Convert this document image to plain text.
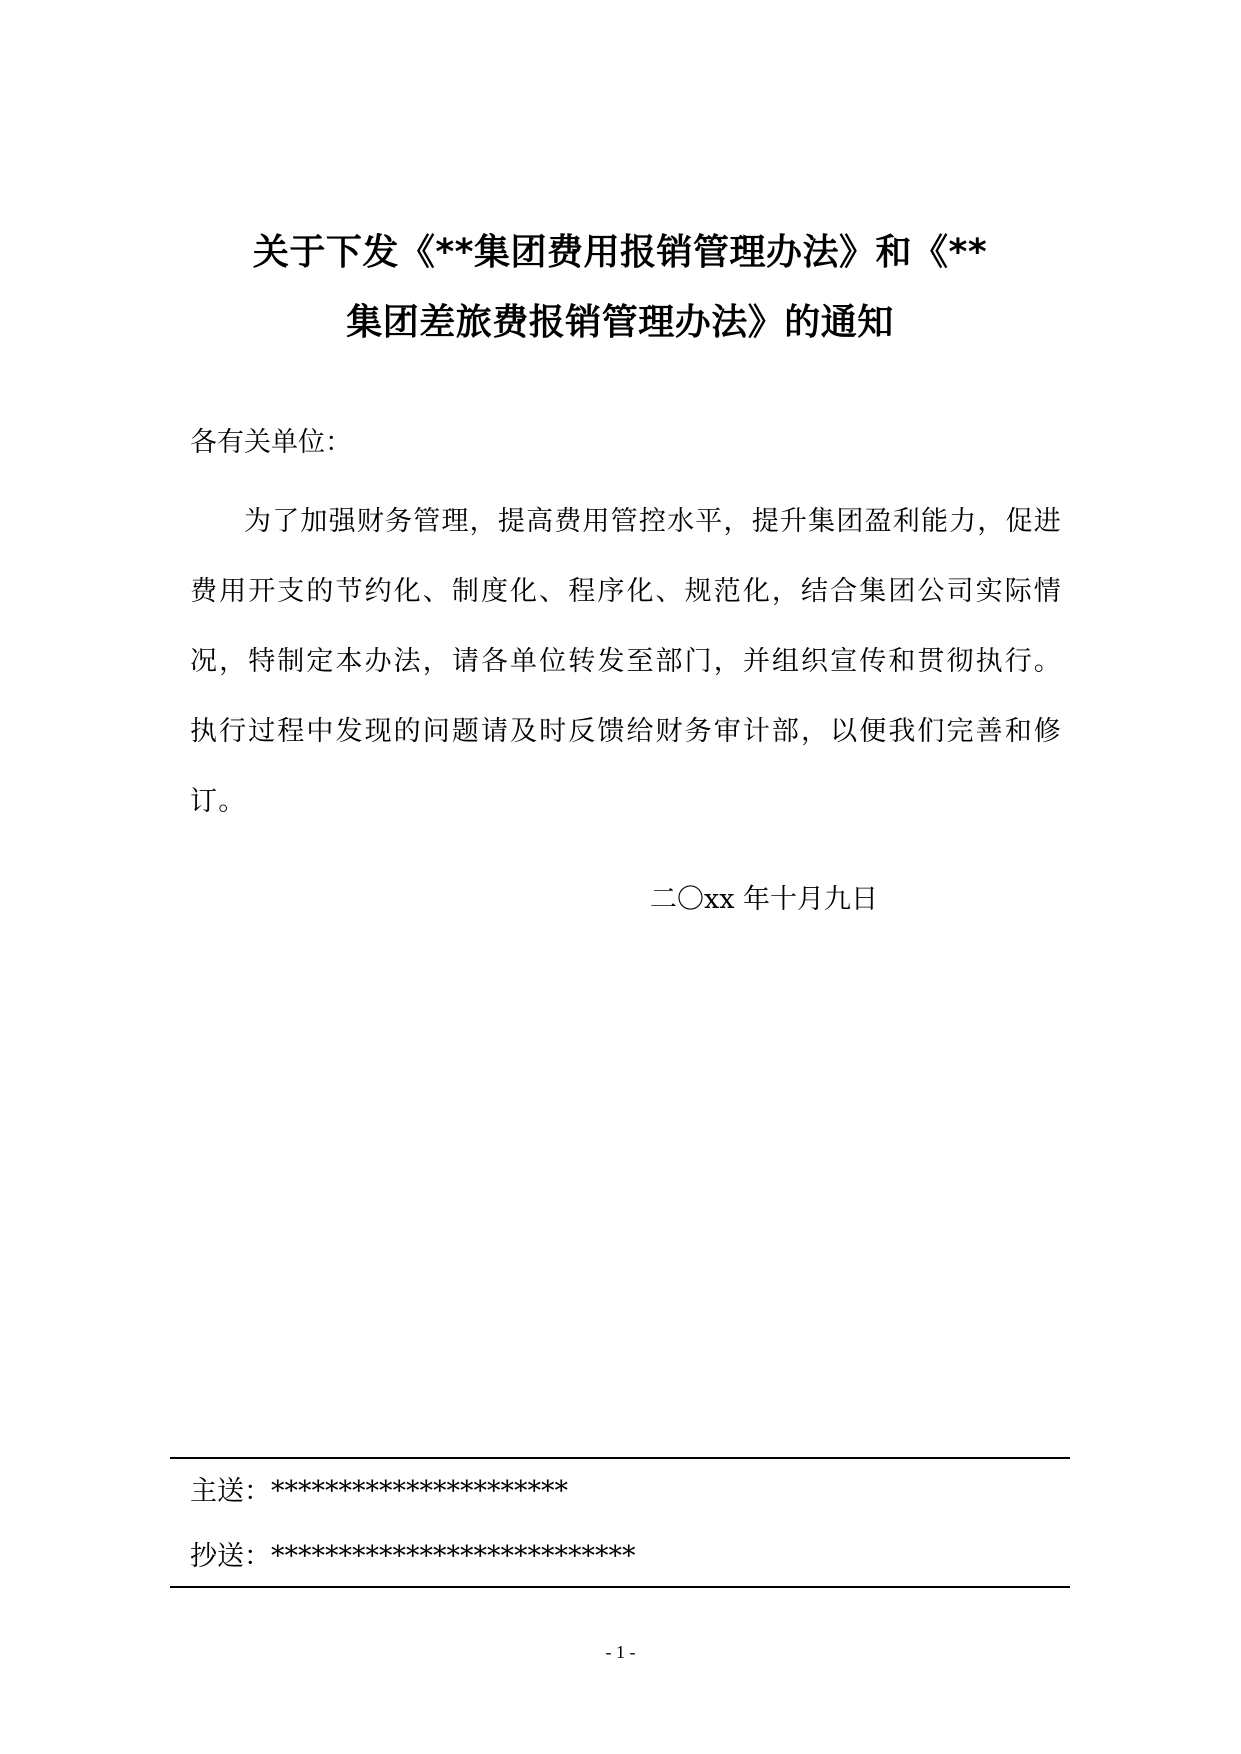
关于下发《**集团费用报销管理办法》和《**
集团差旅费报销管理办法》的通知
各有关单位：
为了加强财务管理，提高费用管控水平，提升集团盈利能力，促进费用开支的节约化、制度化、程序化、规范化，结合集团公司实际情况，特制定本办法，请各单位转发至部门，并组织宣传和贯彻执行。执行过程中发现的问题请及时反馈给财务审计部，以便我们完善和修订。
二〇xx 年十月九日
主送：**********************
抄送：***************************
- 1 -
